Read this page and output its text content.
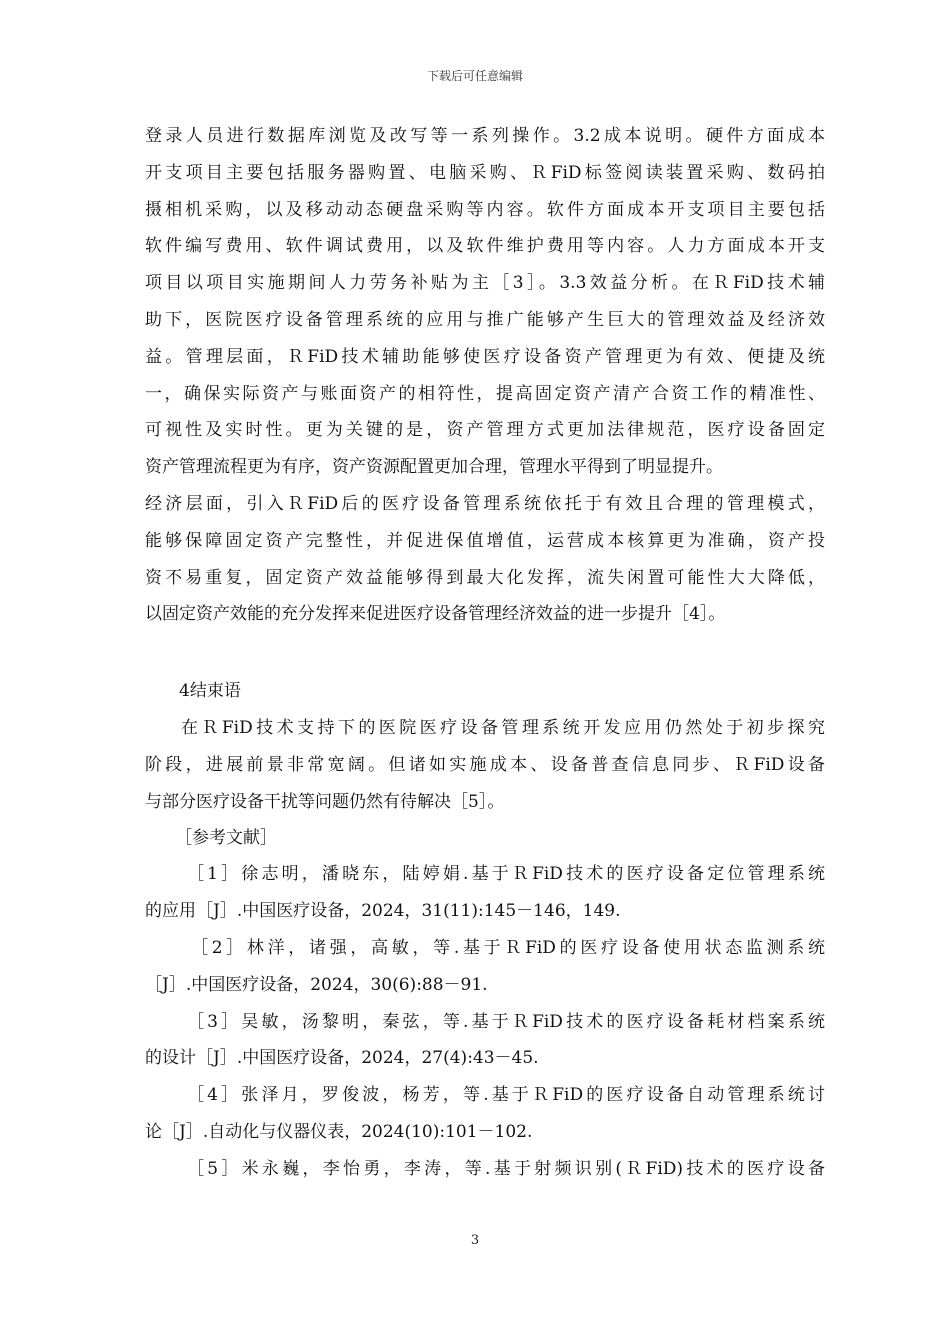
下载后可任意编辑
登录人员进行数据库浏览及改写等一系列操作。3.2成本说明。硬件方面成本
开支项目主要包括服务器购置、电脑采购、ＲFiD标签阅读装置采购、数码拍
摄相机采购，以及移动动态硬盘采购等内容。软件方面成本开支项目主要包括
软件编写费用、软件调试费用，以及软件维护费用等内容。人力方面成本开支
项目以项目实施期间人力劳务补贴为主［3］。3.3效益分析。在ＲFiD技术辅
助下，医院医疗设备管理系统的应用与推广能够产生巨大的管理效益及经济效
益。管理层面，ＲFiD技术辅助能够使医疗设备资产管理更为有效、便捷及统
一，确保实际资产与账面资产的相符性，提高固定资产清产合资工作的精准性、
可视性及实时性。更为关键的是，资产管理方式更加法律规范，医疗设备固定
资产管理流程更为有序，资产资源配置更加合理，管理水平得到了明显提升。
经济层面，引入ＲFiD后的医疗设备管理系统依托于有效且合理的管理模式，
能够保障固定资产完整性，并促进保值增值，运营成本核算更为准确，资产投
资不易重复，固定资产效益能够得到最大化发挥，流失闲置可能性大大降低，
以固定资产效能的充分发挥来促进医疗设备管理经济效益的进一步提升［4］。
4结束语
在ＲFiD技术支持下的医院医疗设备管理系统开发应用仍然处于初步探究
阶段，进展前景非常宽阔。但诸如实施成本、设备普查信息同步、ＲFiD设备
与部分医疗设备干扰等问题仍然有待解决［5］。
［参考文献］
［1］徐志明，潘晓东，陆婷娟.基于ＲFiD技术的医疗设备定位管理系统
的应用［J］.中国医疗设备，2024，31(11):145－146，149.
［2］林洋，诸强，高敏，等.基于ＲFiD的医疗设备使用状态监测系统
［J］.中国医疗设备，2024，30(6):88－91.
［3］吴敏，汤黎明，秦弦，等.基于ＲFiD技术的医疗设备耗材档案系统
的设计［J］.中国医疗设备，2024，27(4):43－45.
［4］张泽月，罗俊波，杨芳，等.基于ＲFiD的医疗设备自动管理系统讨
论［J］.自动化与仪器仪表，2024(10):101－102.
［5］米永巍，李怡勇，李涛，等.基于射频识别(ＲFiD)技术的医疗设备
3
